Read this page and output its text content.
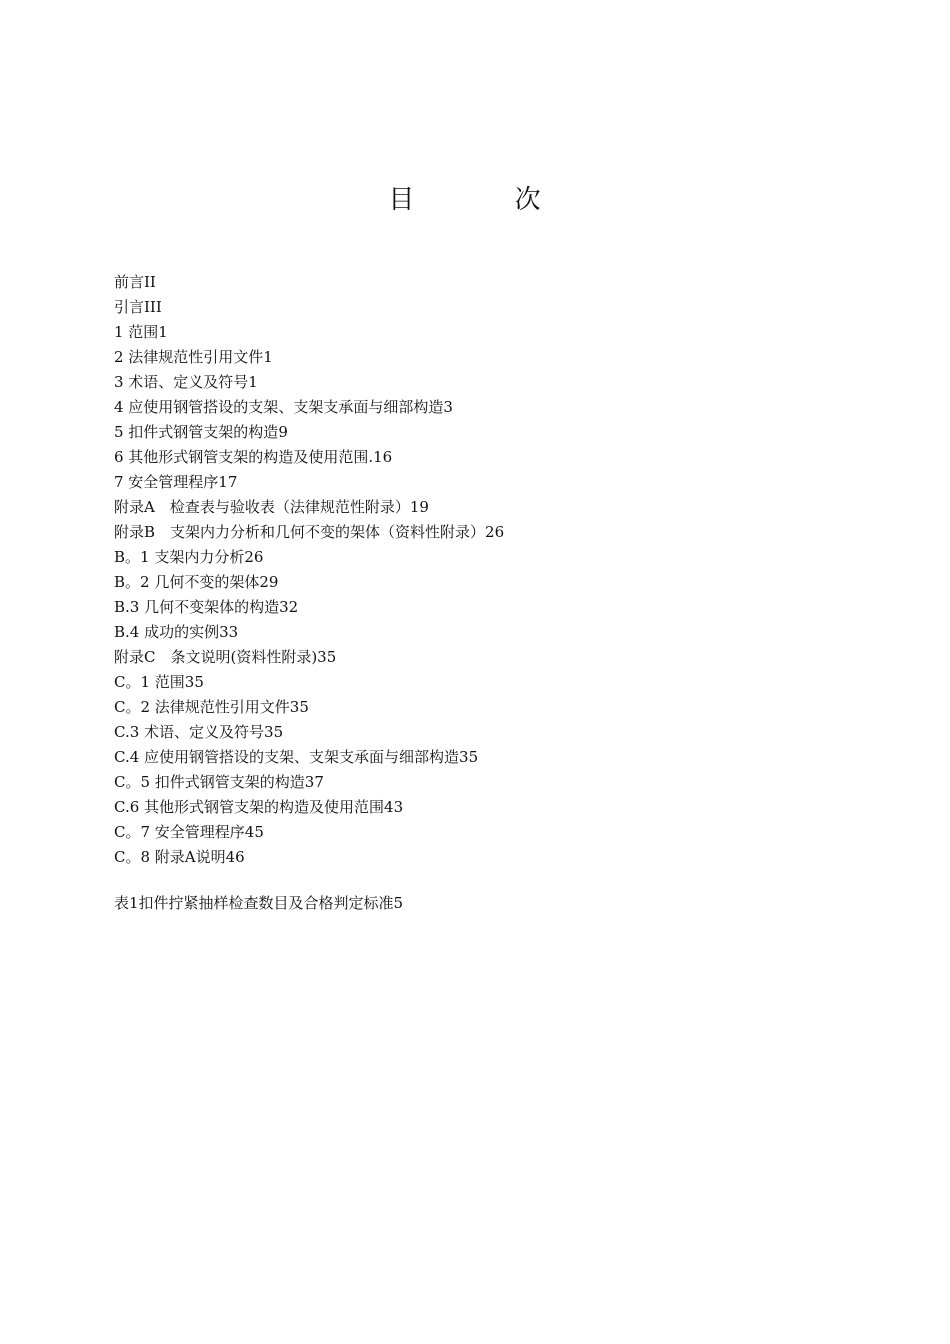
目 次
前言II
引言III
1 范围1
2 法律规范性引用文件1
3 术语、定义及符号1
4 应使用钢管搭设的支架、支架支承面与细部构造3
5 扣件式钢管支架的构造9
6 其他形式钢管支架的构造及使用范围.16
7 安全管理程序17
附录A　检查表与验收表（法律规范性附录）19
附录B　支架内力分析和几何不变的架体（资料性附录）26
B。1 支架内力分析26
B。2 几何不变的架体29
B.3 几何不变架体的构造32
B.4 成功的实例33
附录C　条文说明(资料性附录)35
C。1 范围35
C。2 法律规范性引用文件35
C.3 术语、定义及符号35
C.4 应使用钢管搭设的支架、支架支承面与细部构造35
C。5 扣件式钢管支架的构造37
C.6 其他形式钢管支架的构造及使用范围43
C。7 安全管理程序45
C。8 附录A说明46
表1扣件拧紧抽样检查数目及合格判定标准5
